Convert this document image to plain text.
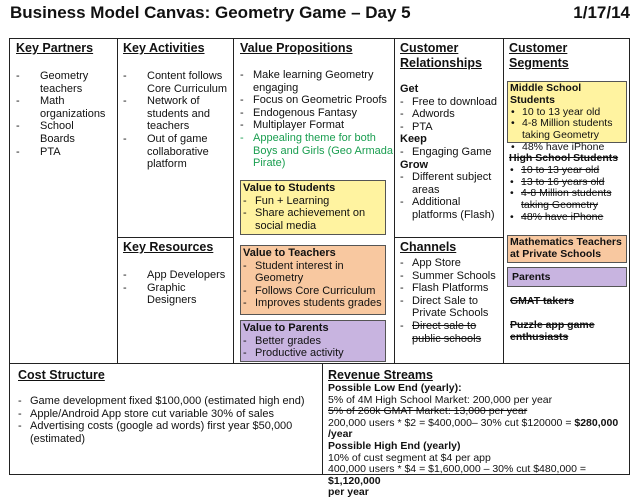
Business Model Canvas: Geometry Game – Day 5	1/17/14
Key Partners
- Geometry teachers
- Math organizations
- School Boards
- PTA
Key Activities
- Content follows Core Curriculum
- Network of students and teachers
- Out of game collaborative platform
Key Resources
- App Developers
- Graphic Designers
Value Propositions
- Make learning Geometry engaging
- Focus on Geometric Proofs
- Endogenous Fantasy
- Multiplayer Format
- Appealing theme for both Boys and Girls (Geo Armada Pirate)
Value to Students
- Fun + Learning
- Share achievement on social media
Value to Teachers
- Student interest in Geometry
- Follows Core Curriculum
- Improves students grades
Value to Parents
- Better grades
- Productive activity
Customer
Relationships
Get
- Free to download
- Adwords
- PTA
Keep
- Engaging Game
Grow
- Different subject areas
- Additional platforms (Flash)
Channels
- App Store
- Summer Schools
- Flash Platforms
- Direct Sale to Private Schools
- Direct sale to public schools
Customer
Segments
Middle School Students
• 10 to 13 year old
• 4-8 Million students taking Geometry
• 48% have iPhone
High School Students
• 10 to 13 year old
• 13 to 16 years old
• 4-8 Million students taking Geometry
• 48% have iPhone
Mathematics Teachers at Private Schools
Parents
GMAT takers
Puzzle app game enthusiasts
Cost Structure
- Game development fixed $100,000 (estimated high end)
- Apple/Android App store cut variable 30% of sales
- Advertising costs (google ad words) first year $50,000 (estimated)
Revenue Streams
Possible Low End (yearly):
5% of 4M High School Market: 200,000 per year
5% of 260k GMAT Market: 13,000 per year
200,000 users * $2 = $400,000– 30% cut $120000 = $280,000 /year
Possible High End (yearly)
10% of cust segment at $4 per app
400,000 users * $4 = $1,600,000 – 30% cut $480,000 = $1,120,000
per year
